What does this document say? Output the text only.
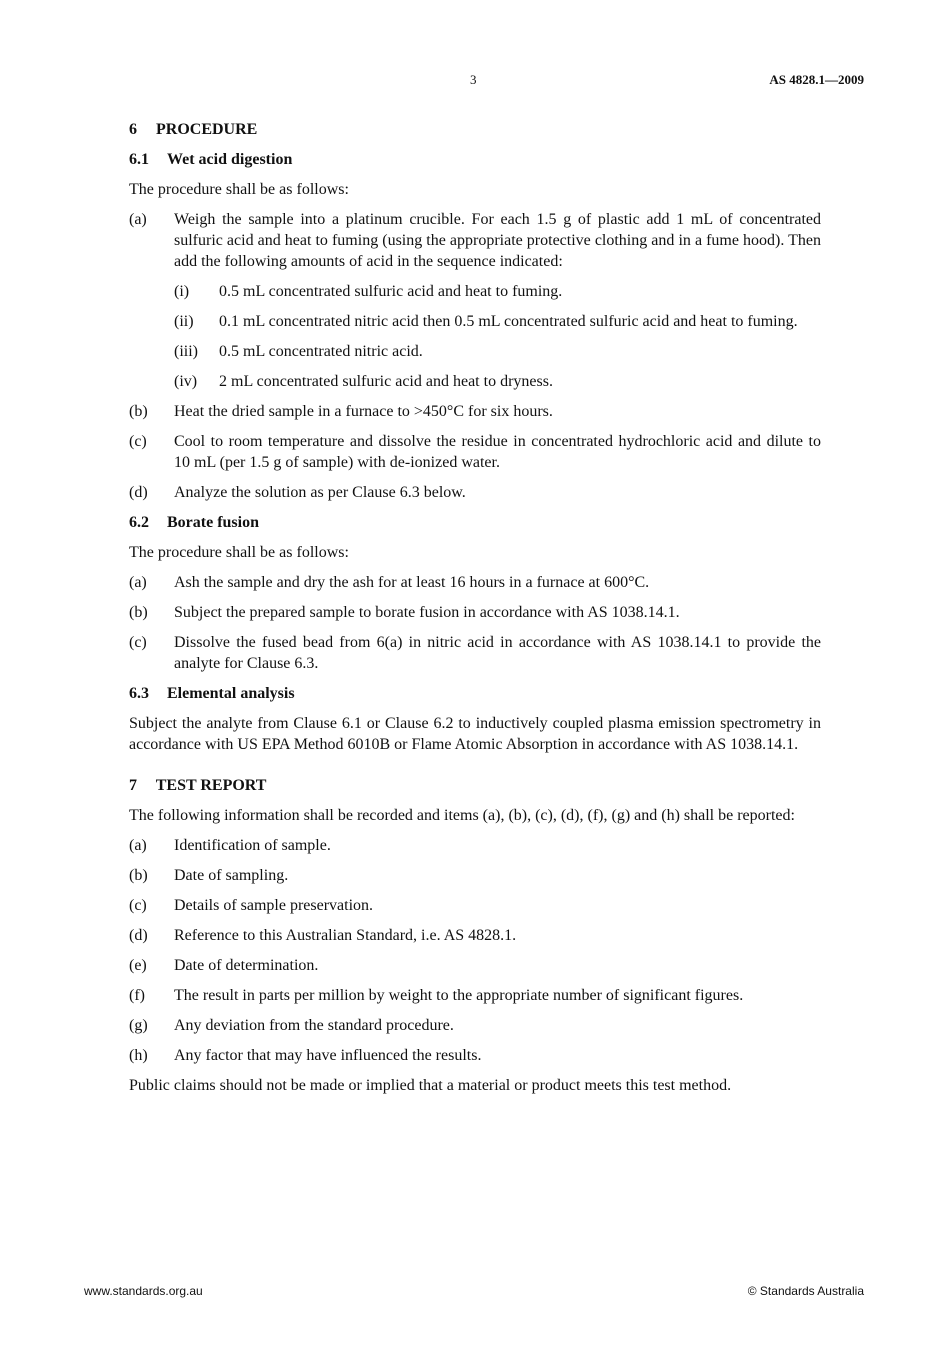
3	AS 4828.1—2009
6 PROCEDURE
6.1 Wet acid digestion

The procedure shall be as follows:

(a)	Weigh the sample into a platinum crucible. For each 1.5 g of plastic add 1 mL of concentrated sulfuric acid and heat to fuming (using the appropriate protective clothing and in a fume hood). Then add the following amounts of acid in the sequence indicated:
(i)	0.5 mL concentrated sulfuric acid and heat to fuming.
(ii)	0.1 mL concentrated nitric acid then 0.5 mL concentrated sulfuric acid and heat to fuming.
(iii)	0.5 mL concentrated nitric acid.
(iv)	2 mL concentrated sulfuric acid and heat to dryness.
(b)	Heat the dried sample in a furnace to >450°C for six hours.
(c)	Cool to room temperature and dissolve the residue in concentrated hydrochloric acid and dilute to 10 mL (per 1.5 g of sample) with de-ionized water.
(d)	Analyze the solution as per Clause 6.3 below.
6.2 Borate fusion

The procedure shall be as follows:

(a)	Ash the sample and dry the ash for at least 16 hours in a furnace at 600°C.
(b)	Subject the prepared sample to borate fusion in accordance with AS 1038.14.1.
(c)	Dissolve the fused bead from 6(a) in nitric acid in accordance with AS 1038.14.1 to provide the analyte for Clause 6.3.
6.3 Elemental analysis

Subject the analyte from Clause 6.1 or Clause 6.2 to inductively coupled plasma emission spectrometry in accordance with US EPA Method 6010B or Flame Atomic Absorption in accordance with AS 1038.14.1.

7 TEST REPORT

The following information shall be recorded and items (a), (b), (c), (d), (f), (g) and (h) shall be reported:

(a)	Identification of sample.
(b)	Date of sampling.
(c)	Details of sample preservation.
(d)	Reference to this Australian Standard, i.e. AS 4828.1.
(e)	Date of determination.
(f)	The result in parts per million by weight to the appropriate number of significant figures.
(g)	Any deviation from the standard procedure.
(h)	Any factor that may have influenced the results.

Public claims should not be made or implied that a material or product meets this test method.

www.standards.org.au	© Standards Australia
